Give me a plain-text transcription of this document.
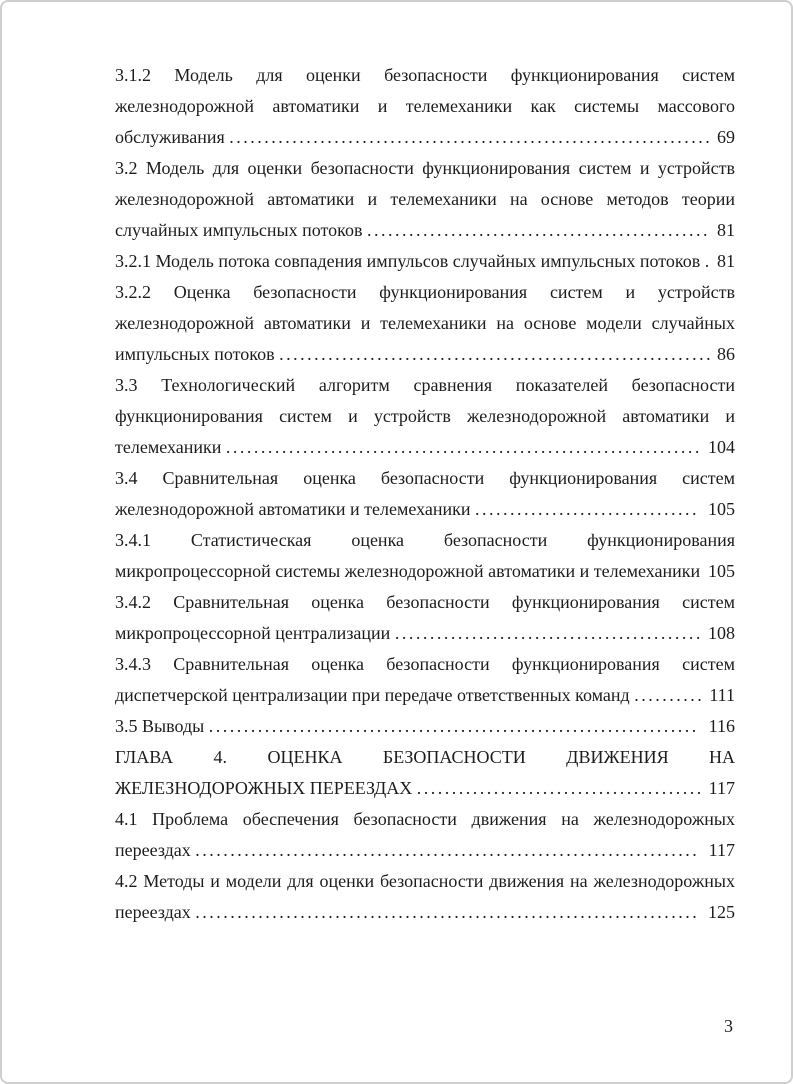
3.1.2 Модель для оценки безопасности функционирования систем железнодорожной автоматики и телемеханики как системы массового обслуживания ..................................................................... 69

3.2 Модель для оценки безопасности функционирования систем и устройств железнодорожной автоматики и телемеханики на основе методов теории случайных импульсных потоков ................................................. 81

3.2.1 Модель потока совпадения импульсов случайных импульсных потоков . 81

3.2.2 Оценка безопасности функционирования систем и устройств железнодорожной автоматики и телемеханики на основе модели случайных импульсных потоков .............................................................. 86

3.3 Технологический алгоритм сравнения показателей безопасности функционирования систем и устройств железнодорожной автоматики и телемеханики .................................................................... 104

3.4 Сравнительная оценка безопасности функционирования систем железнодорожной автоматики и телемеханики ................................ 105

3.4.1 Статистическая оценка безопасности функционирования микропроцессорной системы железнодорожной автоматики и телемеханики 105

3.4.2 Сравнительная оценка безопасности функционирования систем микропроцессорной централизации ............................................ 108

3.4.3 Сравнительная оценка безопасности функционирования систем диспетчерской централизации при передаче ответственных команд .......... 111

3.5 Выводы ...................................................................... 116

ГЛАВА 4. ОЦЕНКА БЕЗОПАСНОСТИ ДВИЖЕНИЯ НА ЖЕЛЕЗНОДОРОЖНЫХ ПЕРЕЕЗДАХ ......................................... 117

4.1 Проблема обеспечения безопасности движения на железнодорожных переездах ........................................................................ 117

4.2 Методы и модели для оценки безопасности движения на железнодорожных переездах ........................................................................ 125

3
